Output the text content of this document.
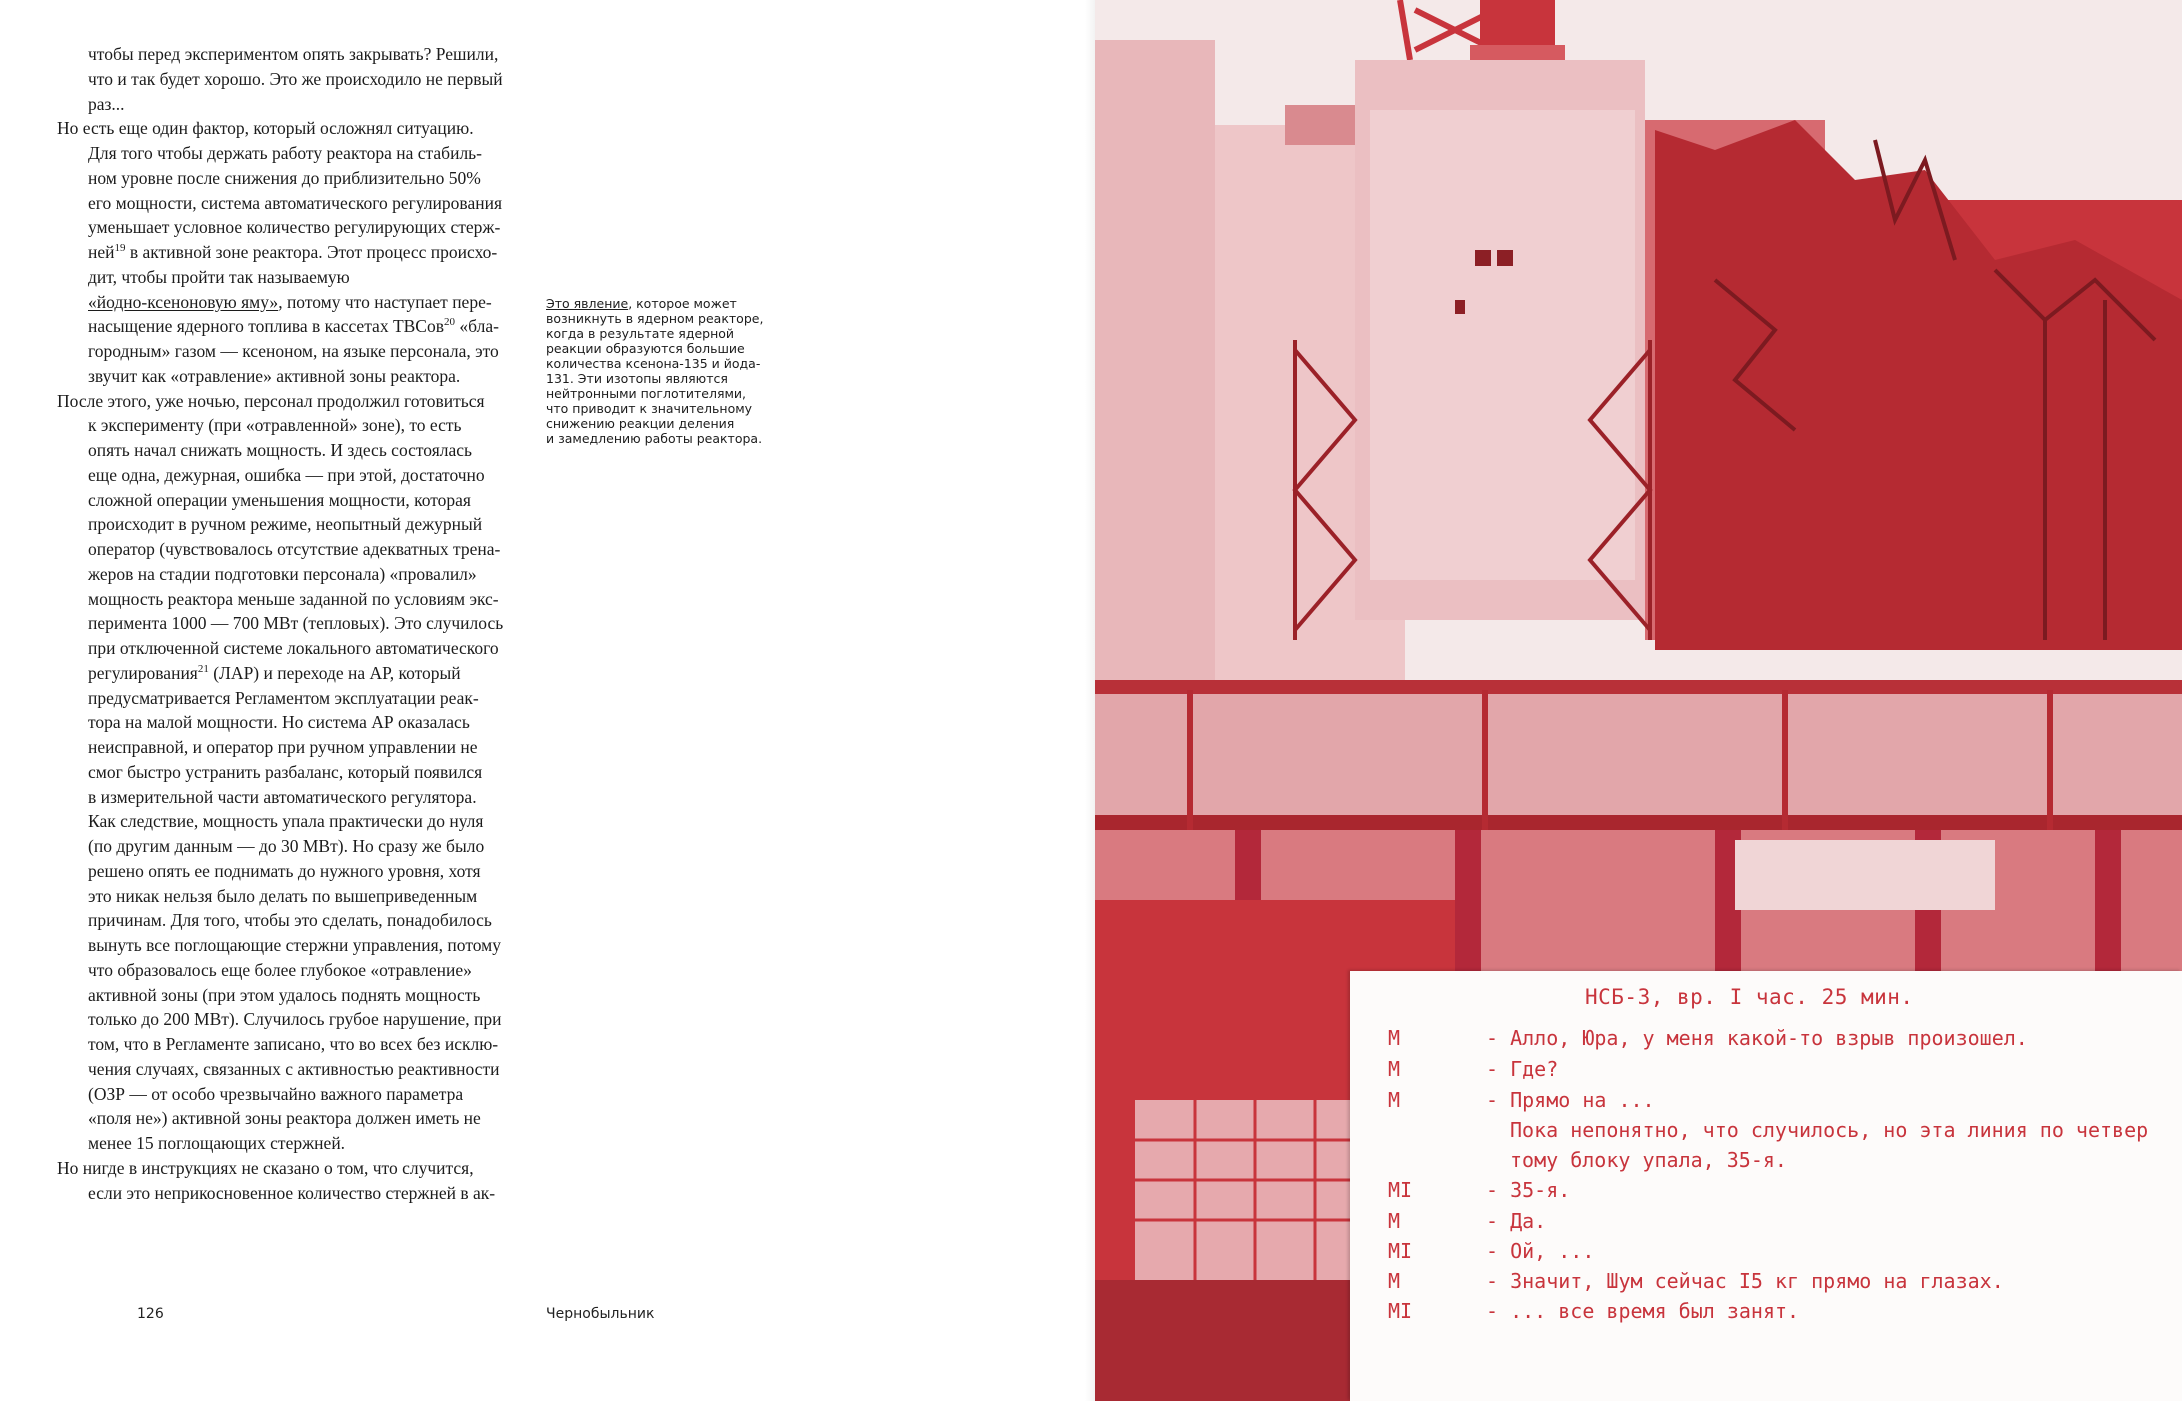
чтобы перед экспериментом опять закрывать? Решили,
что и так будет хорошо. Это же происходило не первый
раз...
Но есть еще один фактор, который осложнял ситуацию.
Для того чтобы держать работу реактора на стабиль-
ном уровне после снижения до приблизительно 50%
его мощности, система автоматического регулирования
уменьшает условное количество регулирующих стерж-
ней$^{19}$ в активной зоне реактора. Этот процесс происхо-
дит, чтобы пройти так называемую
«йодно-ксеноновую яму», потому что наступает пере-
насыщение ядерного топлива в кассетах ТВСов$^{20}$ «бла-
городным» газом — ксеноном, на языке персонала, это
звучит как «отравление» активной зоны реактора.
После этого, уже ночью, персонал продолжил готовиться
к эксперименту (при «отравленной» зоне), то есть
опять начал снижать мощность. И здесь состоялась
еще одна, дежурная, ошибка — при этой, достаточно
сложной операции уменьшения мощности, которая
происходит в ручном режиме, неопытный дежурный
оператор (чувствовалось отсутствие адекватных трена-
жеров на стадии подготовки персонала) «провалил»
мощность реактора меньше заданной по условиям экс-
перимента 1000 — 700 МВт (тепловых). Это случилось
при отключенной системе локального автоматического
регулирования$^{21}$ (ЛАР) и переходе на АР, который
предусматривается Регламентом эксплуатации реак-
тора на малой мощности. Но система АР оказалась
неисправной, и оператор при ручном управлении не
смог быстро устранить разбаланс, который появился
в измерительной части автоматического регулятора.
Как следствие, мощность упала практически до нуля
(по другим данным — до 30 МВт). Но сразу же было
решено опять ее поднимать до нужного уровня, хотя
это никак нельзя было делать по вышеприведенным
причинам. Для того, чтобы это сделать, понадобилось
вынуть все поглощающие стержни управления, потому
что образовалось еще более глубокое «отравление»
активной зоны (при этом удалось поднять мощность
только до 200 МВт). Случилось грубое нарушение, при
том, что в Регламенте записано, что во всех без исклю-
чения случаях, связанных с активностью реактивности
(ОЗР — от особо чрезвычайно важного параметра
«поля не») активной зоны реактора должен иметь не
менее 15 поглощающих стержней.
Но нигде в инструкциях не сказано о том, что случится,
если это неприкосновенное количество стержней в ак-
Это явление, которое может
возникнуть в ядерном реакторе,
когда в результате ядерной
реакции образуются большие
количества ксенона-135 и йода-
131. Эти изотопы являются
нейтронными поглотителями,
что приводит к значительному
снижению реакции деления
и замедлению работы реактора.
126	Чернобыльник
НСБ-3, вр. I час. 25 мин.
М	- Алло, Юра, у меня какой-то взрыв произошел.
М	- Где?
М	- Прямо на ...
Пока непонятно, что случилось, но эта линия по четвер
тому блоку упала, 35-я.
МI	- 35-я.
М	- Да.
МI	- Ой, ...
М	- Значит, Шум сейчас I5 кг прямо на глазах.
МI	- ... все время был занят.
